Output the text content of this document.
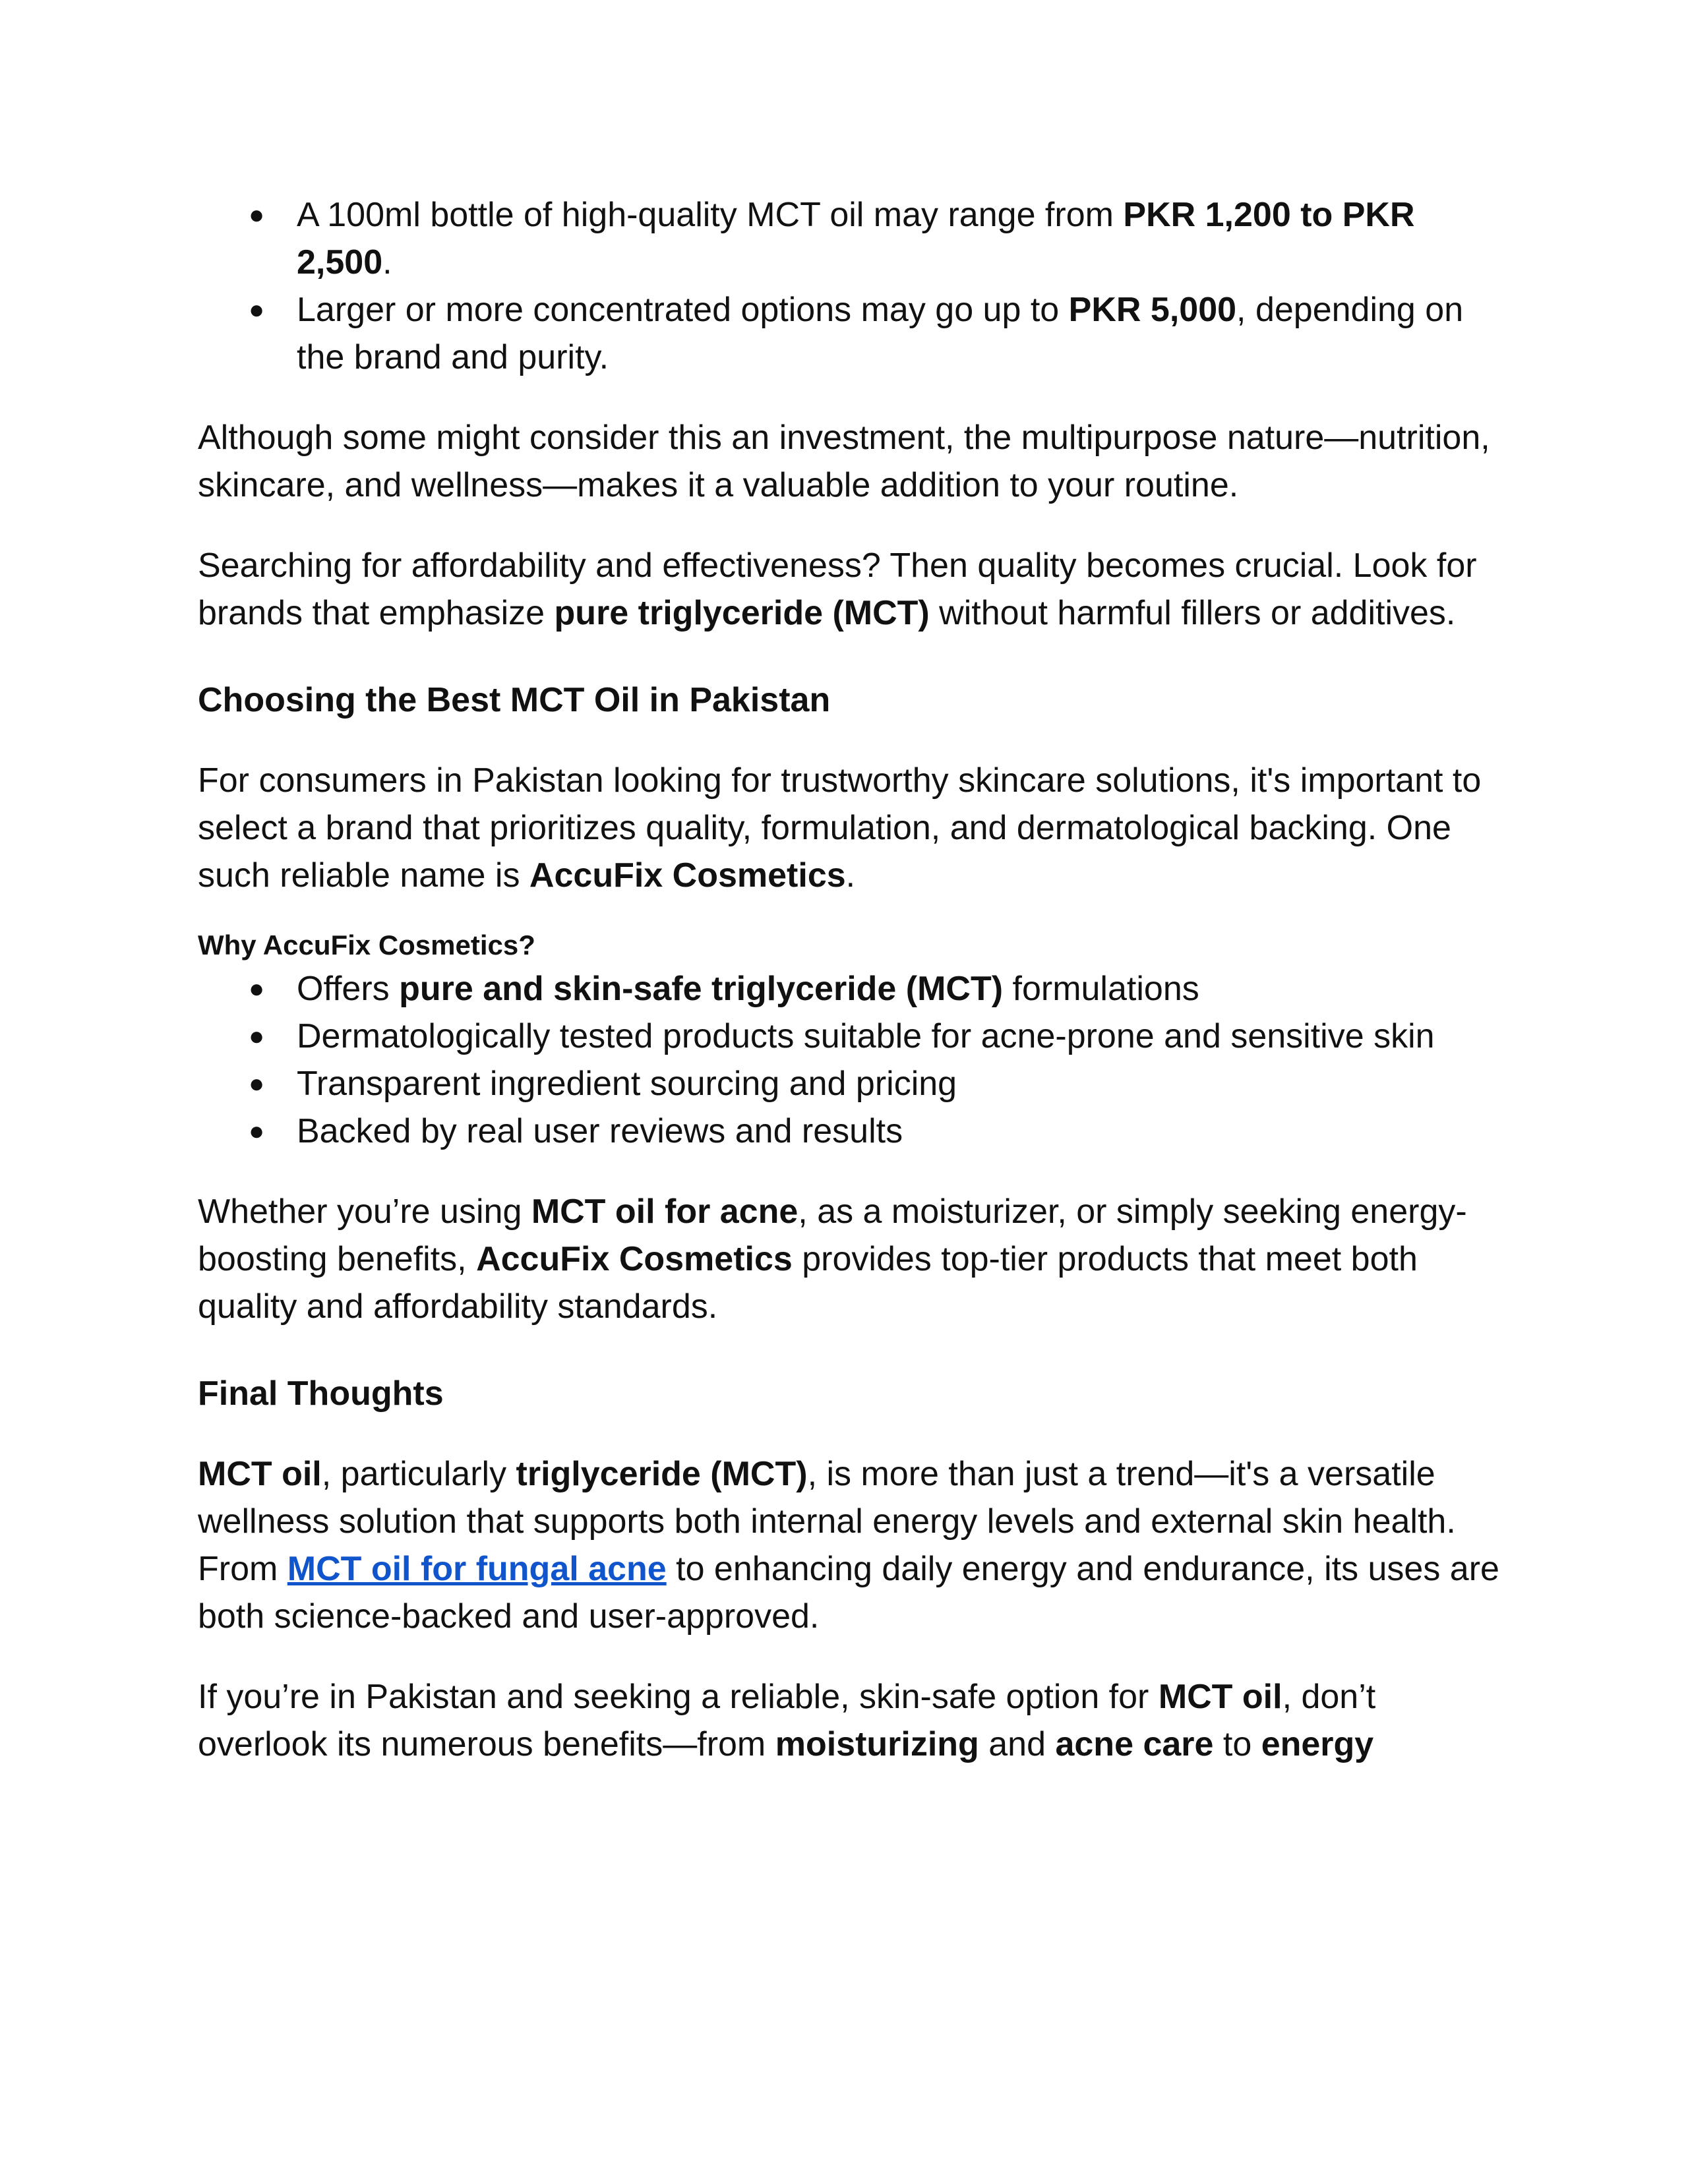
● A 100ml bottle of high-quality MCT oil may range from PKR 1,200 to PKR 2,500.
● Larger or more concentrated options may go up to PKR 5,000, depending on the brand and purity.

Although some might consider this an investment, the multipurpose nature—nutrition, skincare, and wellness—makes it a valuable addition to your routine.

Searching for affordability and effectiveness? Then quality becomes crucial. Look for brands that emphasize pure triglyceride (MCT) without harmful fillers or additives.

Choosing the Best MCT Oil in Pakistan

For consumers in Pakistan looking for trustworthy skincare solutions, it's important to select a brand that prioritizes quality, formulation, and dermatological backing. One such reliable name is AccuFix Cosmetics.

Why AccuFix Cosmetics?
● Offers pure and skin-safe triglyceride (MCT) formulations
● Dermatologically tested products suitable for acne-prone and sensitive skin
● Transparent ingredient sourcing and pricing
● Backed by real user reviews and results

Whether you’re using MCT oil for acne, as a moisturizer, or simply seeking energy-boosting benefits, AccuFix Cosmetics provides top-tier products that meet both quality and affordability standards.

Final Thoughts

MCT oil, particularly triglyceride (MCT), is more than just a trend—it's a versatile wellness solution that supports both internal energy levels and external skin health. From MCT oil for fungal acne to enhancing daily energy and endurance, its uses are both science-backed and user-approved.

If you’re in Pakistan and seeking a reliable, skin-safe option for MCT oil, don’t overlook its numerous benefits—from moisturizing and acne care to energy
